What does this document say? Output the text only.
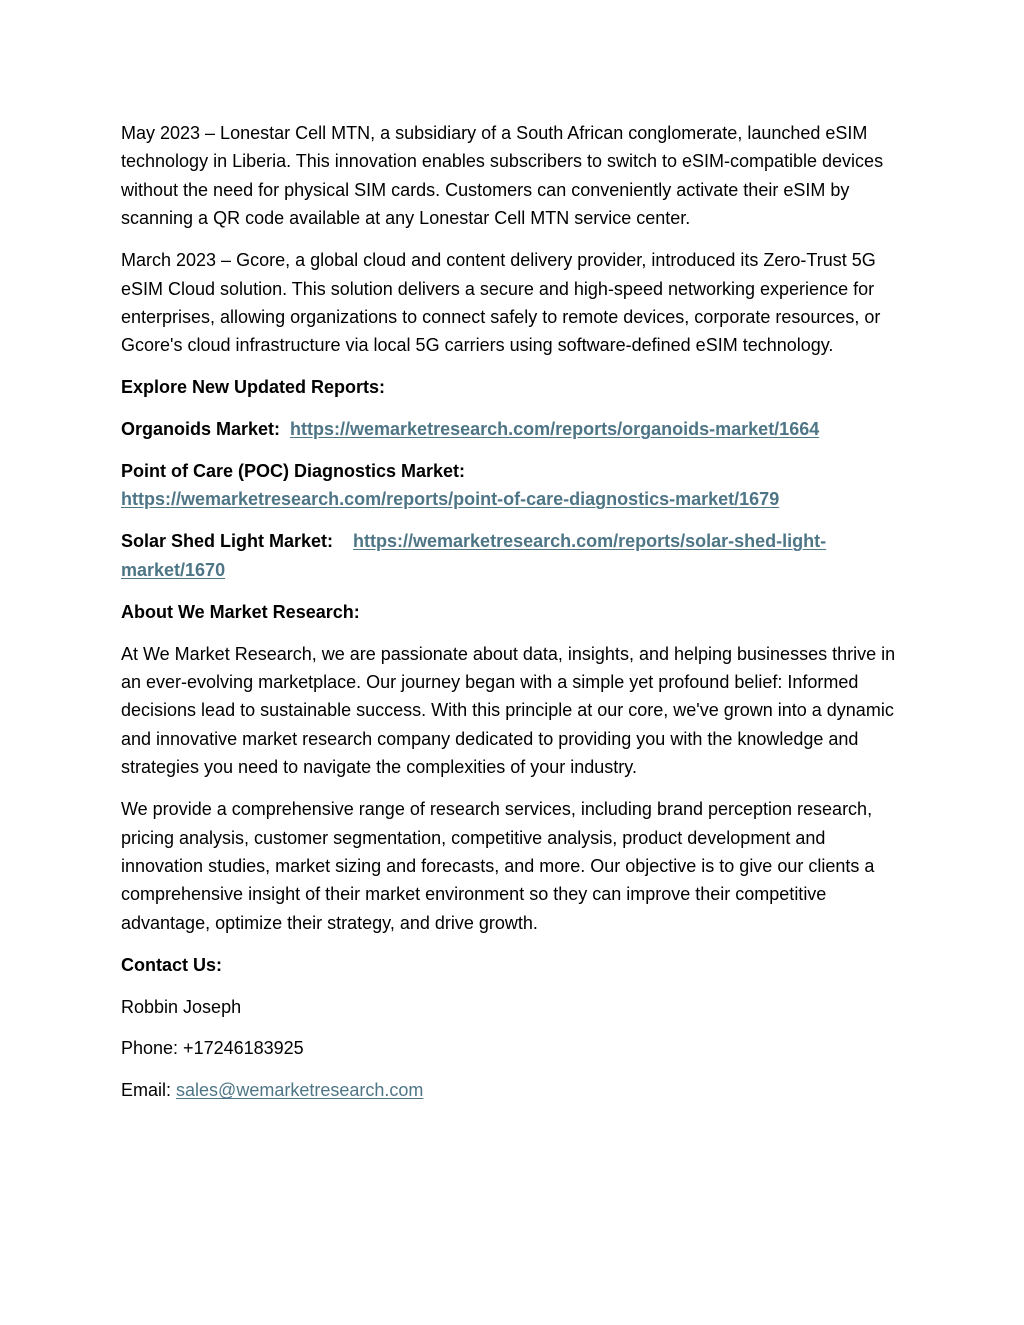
May 2023 – Lonestar Cell MTN, a subsidiary of a South African conglomerate, launched eSIM technology in Liberia. This innovation enables subscribers to switch to eSIM-compatible devices without the need for physical SIM cards. Customers can conveniently activate their eSIM by scanning a QR code available at any Lonestar Cell MTN service center.

March 2023 – Gcore, a global cloud and content delivery provider, introduced its Zero-Trust 5G eSIM Cloud solution. This solution delivers a secure and high-speed networking experience for enterprises, allowing organizations to connect safely to remote devices, corporate resources, or Gcore's cloud infrastructure via local 5G carriers using software-defined eSIM technology.

Explore New Updated Reports:

Organoids Market: https://wemarketresearch.com/reports/organoids-market/1664

Point of Care (POC) Diagnostics Market:
https://wemarketresearch.com/reports/point-of-care-diagnostics-market/1679

Solar Shed Light Market: https://wemarketresearch.com/reports/solar-shed-light-market/1670

About We Market Research:

At We Market Research, we are passionate about data, insights, and helping businesses thrive in an ever-evolving marketplace. Our journey began with a simple yet profound belief: Informed decisions lead to sustainable success. With this principle at our core, we've grown into a dynamic and innovative market research company dedicated to providing you with the knowledge and strategies you need to navigate the complexities of your industry.

We provide a comprehensive range of research services, including brand perception research, pricing analysis, customer segmentation, competitive analysis, product development and innovation studies, market sizing and forecasts, and more. Our objective is to give our clients a comprehensive insight of their market environment so they can improve their competitive advantage, optimize their strategy, and drive growth.

Contact Us:

Robbin Joseph

Phone: +17246183925

Email: sales@wemarketresearch.com
